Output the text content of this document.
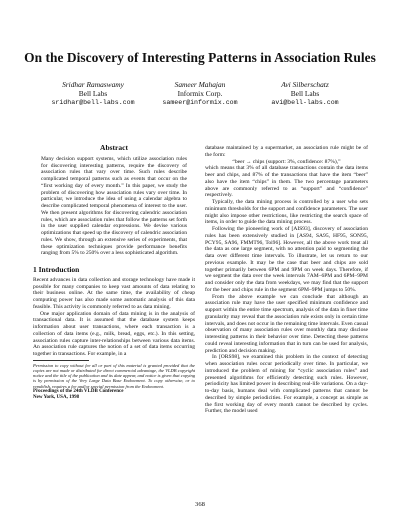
On the Discovery of Interesting Patterns in Association Rules
Sridhar Ramaswamy
Bell Labs
sridhar@bell-labs.com
Sameer Mahajan
Informix Corp.
sameer@informix.com
Avi Silberschatz
Bell Labs
avi@bell-labs.com
Abstract

Many decision support systems, which utilize association rules for discovering interesting patterns, require the discovery of association rules that vary over time. Such rules describe complicated temporal patterns such as events that occur on the “first working day of every month.” In this paper, we study the problem of discovering how association rules vary over time. In particular, we introduce the idea of using a calendar algebra to describe complicated temporal phenomena of interest to the user. We then present algorithms for discovering calendric association rules, which are association rules that follow the patterns set forth in the user supplied calendar expressions. We devise various optimizations that speed up the discovery of calendric association rules. We show, through an extensive series of experiments, that these optimization techniques provide performance benefits ranging from 5% to 250% over a less sophisticated algorithm.

1 Introduction

Recent advances in data collection and storage technology have made it possible for many companies to keep vast amounts of data relating to their business online. At the same time, the availability of cheap computing power has also made some automatic analysis of this data feasible. This activity is commonly referred to as data mining.

One major application domain of data mining is in the analysis of transactional data. It is assumed that the database system keeps information about user transactions, where each transaction is a collection of data items (e.g., milk, bread, eggs, etc.). In this setting, association rules capture inter-relationships between various data items. An association rule captures the notion of a set of data items occurring together in transactions. For example, in a

Permission to copy without fee all or part of this material is granted provided that the copies are not made or distributed for direct commercial advantage, the VLDB copyright notice and the title of the publication and its date appear, and notice is given that copying is by permission of the Very Large Data Base Endowment. To copy otherwise, or to republish, requires a fee and/or special permission from the Endowment.

Proceedings of the 24th VLDB Conference
New York, USA, 1998

database maintained by a supermarket, an association rule might be of the form:

“beer → chips (support: 3%, confidence: 87%),”

which means that 3% of all database transactions contain the data items beer and chips, and 87% of the transactions that have the item “beer” also have the item “chips” in them. The two percentage parameters above are commonly referred to as “support” and “confidence” respectively.

Typically, the data mining process is controlled by a user who sets minimum thresholds for the support and confidence parameters. The user might also impose other restrictions, like restricting the search space of items, in order to guide the data mining process.

Following the pioneering work of [AIS93], discovery of association rules has been extensively studied in [AS94, SA95, HF95, SON95, PCY95, SA96, FMMT96, Toi96]. However, all the above work treat all the data as one large segment, with no attention paid to segmenting the data over different time intervals. To illustrate, let us return to our previous example. It may be the case that beer and chips are sold together primarily between 6PM and 9PM on week days. Therefore, if we segment the data over the week intervals 7AM–6PM and 6PM–9PM and consider only the data from weekdays, we may find that the support for the beer and chips rule in the segment 6PM–9PM jumps to 50%.

From the above example we can conclude that although an association rule may have the user specified minimum confidence and support within the entire time spectrum, analysis of the data in finer time granularity may reveal that the association rule exists only in certain time intervals, and does not occur in the remaining time intervals. Even casual observation of many association rules over monthly data may disclose interesting patterns in their behavior over time. Detecting these patterns could reveal interesting information that in turn can be used for analysis, prediction and decision making.

In [ORS98], we examined this problem in the context of detecting when association rules occur periodically over time. In particular, we introduced the problem of mining for “cyclic association rules” and presented algorithms for efficiently detecting such rules. However, periodicity has limited power in describing real-life variations. On a day-to-day basis, humans deal with complicated patterns that cannot be described by simple periodicities. For example, a concept as simple as the first working day of every month cannot be described by cycles. Further, the model used

368
